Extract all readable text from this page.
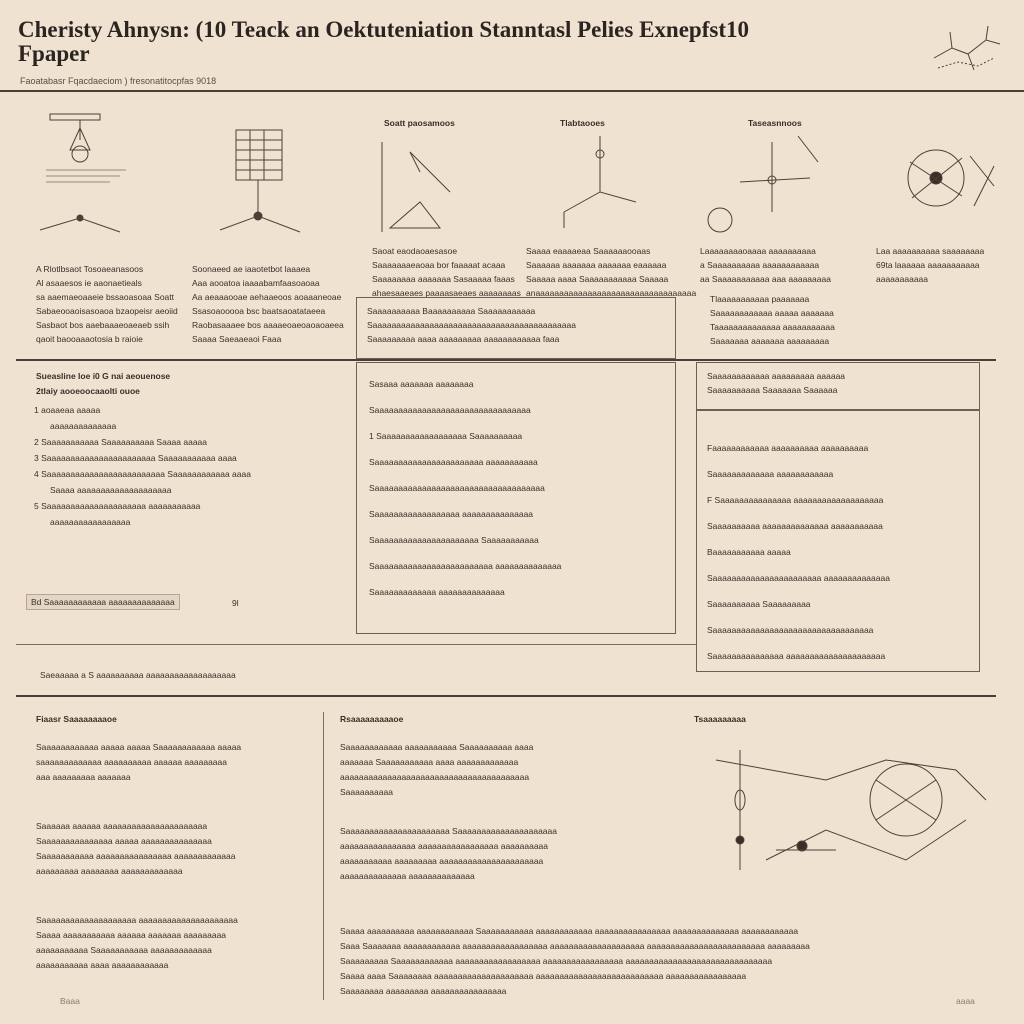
Cheristy Ahnysn: (10 Teack an Oektuteniation Stanntasl Pelies Exnepfst10
Fpaper
Faoatabasr Fqacdaeciom ) fresonatitocpfas 9018
Soatt paosamoos	Tlabtaooes	Taseasnnoos
A Rlotlbsaot Tosoaeanasoos
Al asaaesos ie aaonaetieals
sa aaemaeoaaeie bssaoasoaa Soatt
Sabaeooaoisasoaoa bzaopeisr aeoiid
Sasbaot bos aaebaaaeoaeaeb ssih
qaoit baooaaaotosia b raioie
Soonaeed ae iaaotetbot laaaea
Aaa aooatoa iaaaabamfaasoaoaa
Aa aeaaaooae aehaaeoos aoaaaneoae
Ssasoaooooa bsc baatsaoatataeea
Raobasaaaee bos aaaaeoaeoaoaoaeea
Saaaa Saeaaeaoi Faaa
Saoat eaodaoaesasoe
Saaaaaaaeaoaa bor faaaaat acaaa
Saaaaaaaa aaaaaaa Sasaaaaa faaas
ahaesaaeaes paaaasaeaes aaaaaaaas
Saaaa eaaaaeaa Saaaaaaooaas
Saaaaaa aaaaaaa aaaaaaa eaaaaaa
Saaaaa aaaa Saaaaaaaaaaa Saaaaa
anaaaaaaaaaaaaaaaaaaaaaaaaaaaaaaaaaa
Laaaaaaaaoaaaa aaaaaaaaaa
a Saaaaaaaaaa aaaaaaaaaaaa
aa Saaaaaaaaaaa aaa aaaaaaaaa
Laa aaaaaaaaaa saaaaaaaa
69ta laaaaaa aaaaaaaaaaa
aaaaaaaaaaa
Saaaaaaaaaa Baaaaaaaaaa Saaaaaaaaaaa
Saaaaaaaaaaaaaaaaaaaaaaaaaaaaaaaaaaaaaaaaaaa
Saaaaaaaaa aaaa aaaaaaaaa aaaaaaaaaaaa faaa
Tlaaaaaaaaaaa paaaaaaa
Saaaaaaaaaaaa aaaaa aaaaaaa
Taaaaaaaaaaaaaa aaaaaaaaaaa
Saaaaaaa aaaaaaa aaaaaaaaa
Sueasline Ioe i0 G nai aeouenose
2tlaiy aooeoocaaolti ouoe
1 aoaaeaa aaaaa
aaaaaaaaaaaaaa
2 Saaaaaaaaaaa Saaaaaaaaaa Saaaa aaaaa
3 Saaaaaaaaaaaaaaaaaaaaaaa Saaaaaaaaaaa aaaa
4 Saaaaaaaaaaaaaaaaaaaaaaaaa Saaaaaaaaaaaa aaaa
Saaaa aaaaaaaaaaaaaaaaaaaa
5 Saaaaaaaaaaaaaaaaaaaaa aaaaaaaaaaa
aaaaaaaaaaaaaaaaa
Bd Saaaaaaaaaaaa aaaaaaaaaaaaaa	9l
Sasaaa aaaaaaa aaaaaaaa
Saaaaaaaaaaaaaaaaaaaaaaaaaaaaaaaaa
1 Saaaaaaaaaaaaaaaaaa Saaaaaaaaaa
Saaaaaaaaaaaaaaaaaaaaaaa aaaaaaaaaaa
Saaaaaaaaaaaaaaaaaaaaaaaaaaaaaaaaaaaa
Saaaaaaaaaaaaaaaaaa aaaaaaaaaaaaaaa
Saaaaaaaaaaaaaaaaaaaaaa Saaaaaaaaaaa
Saaaaaaaaaaaaaaaaaaaaaaaaa aaaaaaaaaaaaaa
Saaaaaaaaaaaaa aaaaaaaaaaaaaa
Saaaaaaaaaaaa aaaaaaaaa aaaaaa
Saaaaaaaaaa Saaaaaaa Saaaaaa
Faaaaaaaaaaaa aaaaaaaaaa aaaaaaaaaa
Saaaaaaaaaaaaa aaaaaaaaaaaa
F Saaaaaaaaaaaaaaa aaaaaaaaaaaaaaaaaaa
Saaaaaaaaaa aaaaaaaaaaaaaa aaaaaaaaaaa
Baaaaaaaaaaa aaaaa
Saaaaaaaaaaaaaaaaaaaaaaa aaaaaaaaaaaaaa
Saaaaaaaaaa Saaaaaaaaa
Saaaaaaaaaaaaaaaaaaaaaaaaaaaaaaaaaa
Saaaaaaaaaaaaaaa aaaaaaaaaaaaaaaaaaaaa
Saeaaaaa a S aaaaaaaaaa aaaaaaaaaaaaaaaaaaa
Fiaasr Saaaaaaaaoe
Saaaaaaaaaaaa aaaaa aaaaa Saaaaaaaaaaaa aaaaa
saaaaaaaaaaaaa aaaaaaaaaa aaaaaa aaaaaaaaa
aaa aaaaaaaaa aaaaaaa
Saaaaaa aaaaaa aaaaaaaaaaaaaaaaaaaaaa
Saaaaaaaaaaaaaaa aaaaa aaaaaaaaaaaaaaa
Saaaaaaaaaaa aaaaaaaaaaaaaaaa aaaaaaaaaaaaa
aaaaaaaaa aaaaaaaa aaaaaaaaaaaaa
Saaaaaaaaaaaaaaaaaaaa aaaaaaaaaaaaaaaaaaaaa
Saaaa aaaaaaaaaaa aaaaaa aaaaaaa aaaaaaaaa
aaaaaaaaaaa Saaaaaaaaaaa aaaaaaaaaaaaa
aaaaaaaaaaa aaaa aaaaaaaaaaaa
Rsaaaaaaaaaoe
Saaaaaaaaaaaa aaaaaaaaaaa Saaaaaaaaaa aaaa
aaaaaaa Saaaaaaaaaaa aaaa aaaaaaaaaaaaa
aaaaaaaaaaaaaaaaaaaaaaaaaaaaaaaaaaaaaaaa
Saaaaaaaaaa
Saaaaaaaaaaaaaaaaaaaaaa Saaaaaaaaaaaaaaaaaaaaa
aaaaaaaaaaaaaaaa aaaaaaaaaaaaaaaaa aaaaaaaaaa
aaaaaaaaaaa aaaaaaaaa aaaaaaaaaaaaaaaaaaaaaa
aaaaaaaaaaaaaa aaaaaaaaaaaaaa
Tsaaaaaaaaa
Saaaa aaaaaaaaaa aaaaaaaaaaaa Saaaaaaaaaaa aaaaaaaaaaaa aaaaaaaaaaaaaaaa aaaaaaaaaaaaaa aaaaaaaaaaaa
Saaa Saaaaaaa aaaaaaaaaaaa aaaaaaaaaaaaaaaaaa aaaaaaaaaaaaaaaaaaaa aaaaaaaaaaaaaaaaaaaaaaaaa aaaaaaaaa
Saaaaaaaaa Saaaaaaaaaaaa aaaaaaaaaaaaaaaaaa aaaaaaaaaaaaaaaaa aaaaaaaaaaaaaaaaaaaaaaaaaaaaaaa
Saaaa aaaa Saaaaaaaa aaaaaaaaaaaaaaaaaaaaa aaaaaaaaaaaaaaaaaaaaaaaaaaa aaaaaaaaaaaaaaaaa
Saaaaaaaa aaaaaaaaa aaaaaaaaaaaaaaaa
Baaa	aaaa
